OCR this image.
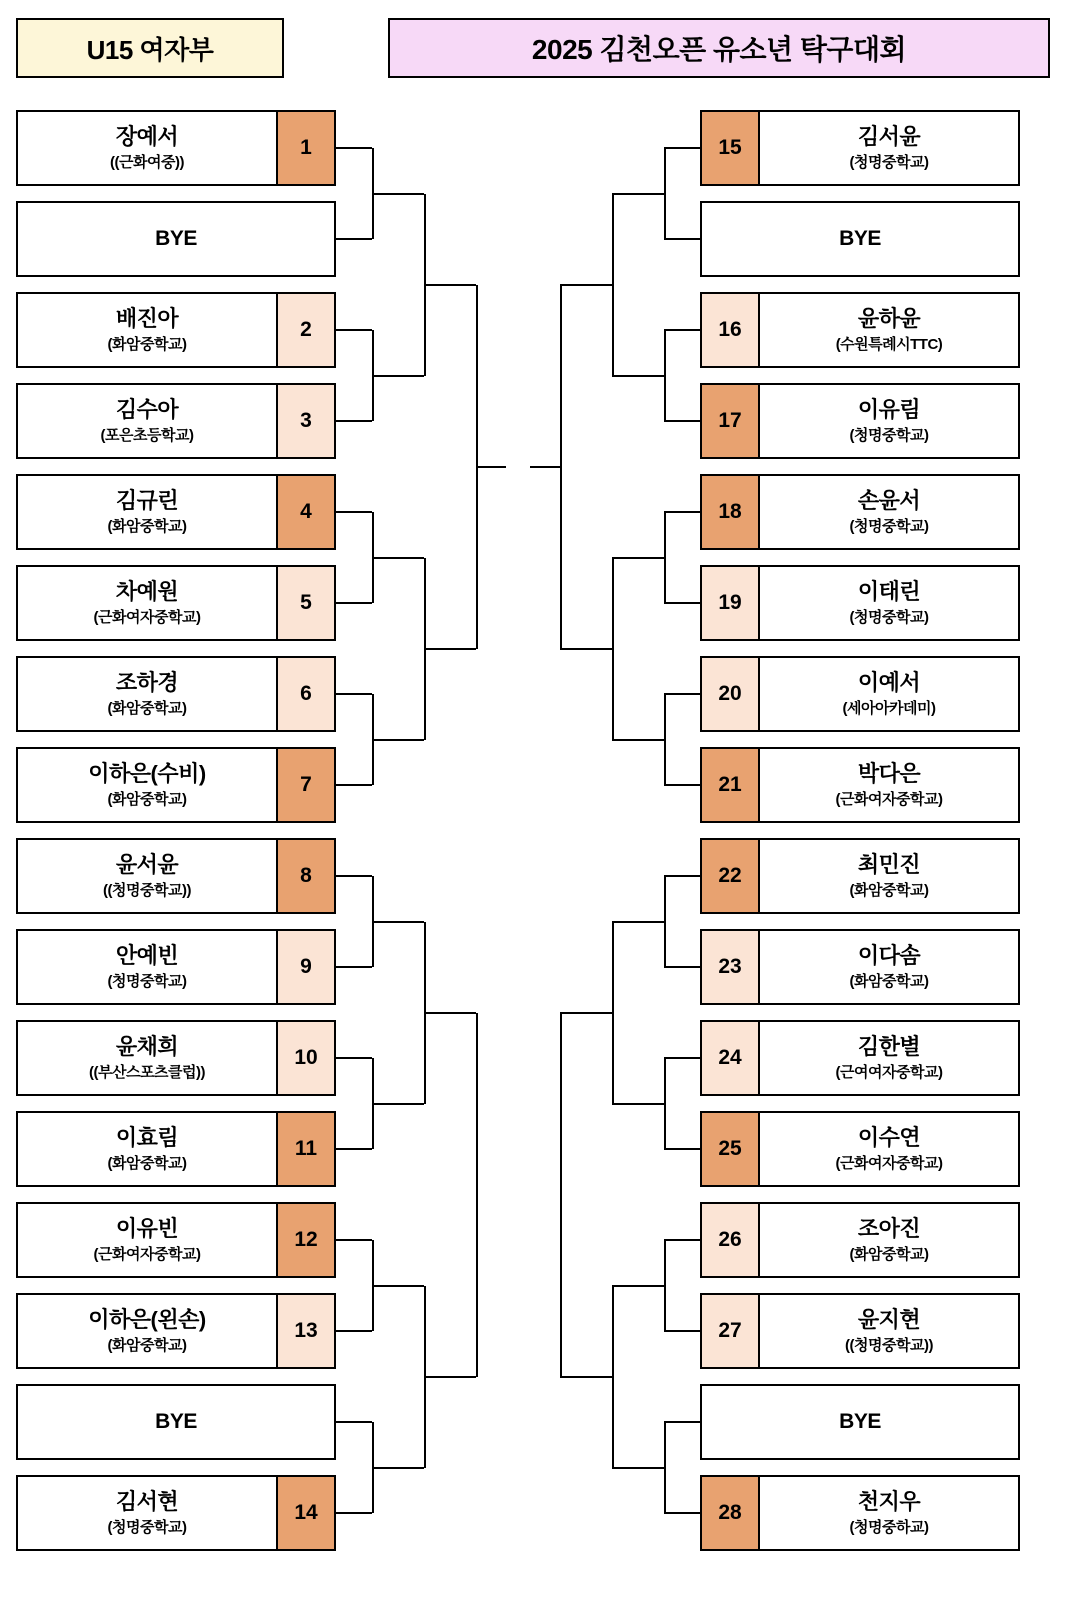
U15 여자부	2025 김천오픈 유소년 탁구대회
장예서
((근화여중))
1
BYE
배진아
(화암중학교)
2
김수아
(포은초등학교)
3
김규린
(화암중학교)
4
차예원
(근화여자중학교)
5
조하경
(화암중학교)
6
이하은(수비)
(화암중학교)
7
윤서윤
((청명중학교))
8
안예빈
(청명중학교)
9
윤채희
((부산스포츠클럽))
10
이효림
(화암중학교)
11
이유빈
(근화여자중학교)
12
이하은(왼손)
(화암중학교)
13
BYE
김서현
(청명중학교)
14
15	김서윤
(청명중학교)
BYE
16	윤하윤
(수원특례시TTC)
17	이유림
(청명중학교)
18	손윤서
(청명중학교)
19	이태린
(청명중학교)
20	이예서
(세아아카데미)
21	박다은
(근화여자중학교)
22	최민진
(화암중학교)
23	이다솜
(화암중학교)
24	김한별
(근여여자중학교)
25	이수연
(근화여자중학교)
26	조아진
(화암중학교)
27	윤지현
((청명중학교))
BYE
28	천지우
(청명중하교)
